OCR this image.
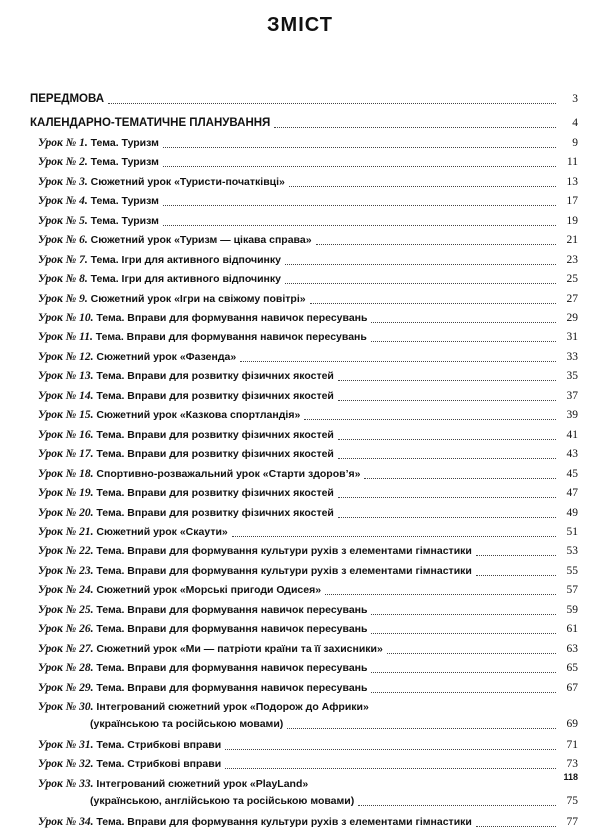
ЗМІСТ
ПЕРЕДМОВА	3
КАЛЕНДАРНО-ТЕМАТИЧНЕ ПЛАНУВАННЯ	4
Урок № 1. Тема. Туризм	9
Урок № 2. Тема. Туризм	11
Урок № 3. Сюжетний урок «Туристи-початківці»	13
Урок № 4. Тема. Туризм	17
Урок № 5. Тема. Туризм	19
Урок № 6. Сюжетний урок «Туризм — цікава справа»	21
Урок № 7. Тема. Ігри для активного відпочинку	23
Урок № 8. Тема. Ігри для активного відпочинку	25
Урок № 9. Сюжетний урок «Ігри на свіжому повітрі»	27
Урок № 10. Тема. Вправи для формування навичок пересувань	29
Урок № 11. Тема. Вправи для формування навичок пересувань	31
Урок № 12. Сюжетний урок «Фазенда»	33
Урок № 13. Тема. Вправи для розвитку фізичних якостей	35
Урок № 14. Тема. Вправи для розвитку фізичних якостей	37
Урок № 15. Сюжетний урок «Казкова спортландія»	39
Урок № 16. Тема. Вправи для розвитку фізичних якостей	41
Урок № 17. Тема. Вправи для розвитку фізичних якостей	43
Урок № 18. Спортивно-розважальний урок «Старти здоров’я»	45
Урок № 19. Тема. Вправи для розвитку фізичних якостей	47
Урок № 20. Тема. Вправи для розвитку фізичних якостей	49
Урок № 21. Сюжетний урок «Скаути»	51
Урок № 22. Тема. Вправи для формування культури рухів з елементами гімнастики	53
Урок № 23. Тема. Вправи для формування культури рухів з елементами гімнастики	55
Урок № 24. Сюжетний урок «Морські пригоди Одисея»	57
Урок № 25. Тема. Вправи для формування навичок пересувань	59
Урок № 26. Тема. Вправи для формування навичок пересувань	61
Урок № 27. Сюжетний урок «Ми — патріоти країни та її захисники»	63
Урок № 28. Тема. Вправи для формування навичок пересувань	65
Урок № 29. Тема. Вправи для формування навичок пересувань	67
Урок № 30. Інтегрований сюжетний урок «Подорож до Африки»
(українською та російською мовами)	69
Урок № 31. Тема. Стрибкові вправи	71
Урок № 32. Тема. Стрибкові вправи	73
Урок № 33. Інтегрований сюжетний урок «PlayLand»
(українською, англійською та російською мовами)	75
Урок № 34. Тема. Вправи для формування культури рухів з елементами гімнастики	77
118
